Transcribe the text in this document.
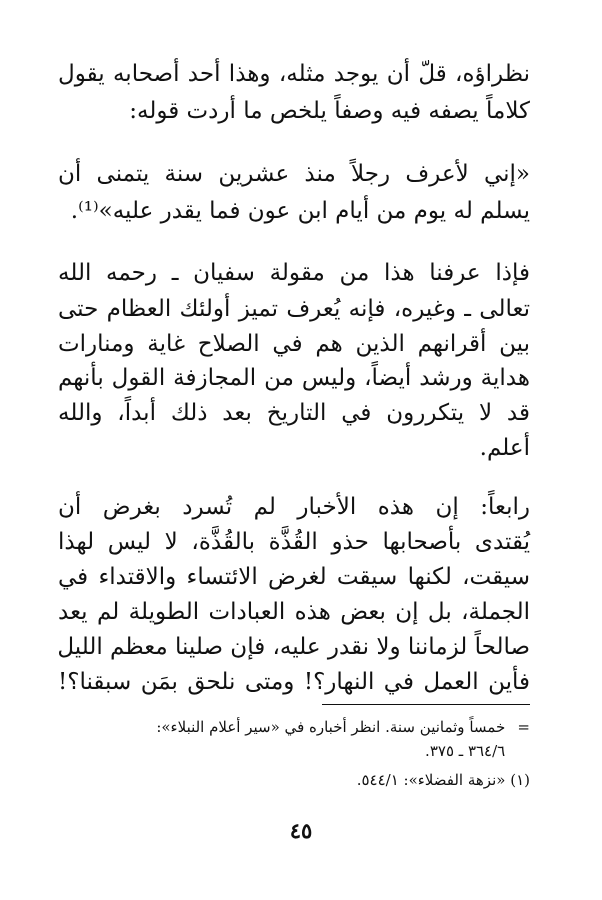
نظراؤه، قلّ أن يوجد مثله، وهذا أحد أصحابه يقول
كلاماً يصفه فيه وصفاً يلخص ما أردت قوله:
«إني لأعرف رجلاً منذ عشرين سنة يتمنى أن
يسلم له يوم من أيام ابن عون فما يقدر عليه»⁽¹⁾.
فإذا عرفنا هذا من مقولة سفيان ـ رحمه الله
تعالى ـ وغيره، فإنه يُعرف تميز أولئك العظام حتى
بين أقرانهم الذين هم في الصلاح غاية ومنارات
هداية ورشد أيضاً، وليس من المجازفة القول بأنهم
قد لا يتكررون في التاريخ بعد ذلك أبداً، والله
أعلم.
رابعاً: إن هذه الأخبار لم تُسرد بغرض أن
يُقتدى بأصحابها حذو القُذَّة بالقُذَّة، لا ليس لهذا
سيقت، لكنها سيقت لغرض الائتساء والاقتداء في
الجملة، بل إن بعض هذه العبادات الطويلة لم يعد
صالحاً لزماننا ولا نقدر عليه، فإن صلينا معظم الليل
فأين العمل في النهار؟! ومتى نلحق بمَن سبقنا؟!
= خمساً وثمانين سنة. انظر أخباره في «سير أعلام النبلاء»:
٣٦٤/٦ ـ ٣٧٥.
(١) «نزهة الفضلاء»: ٥٤٤/١.
٤٥
